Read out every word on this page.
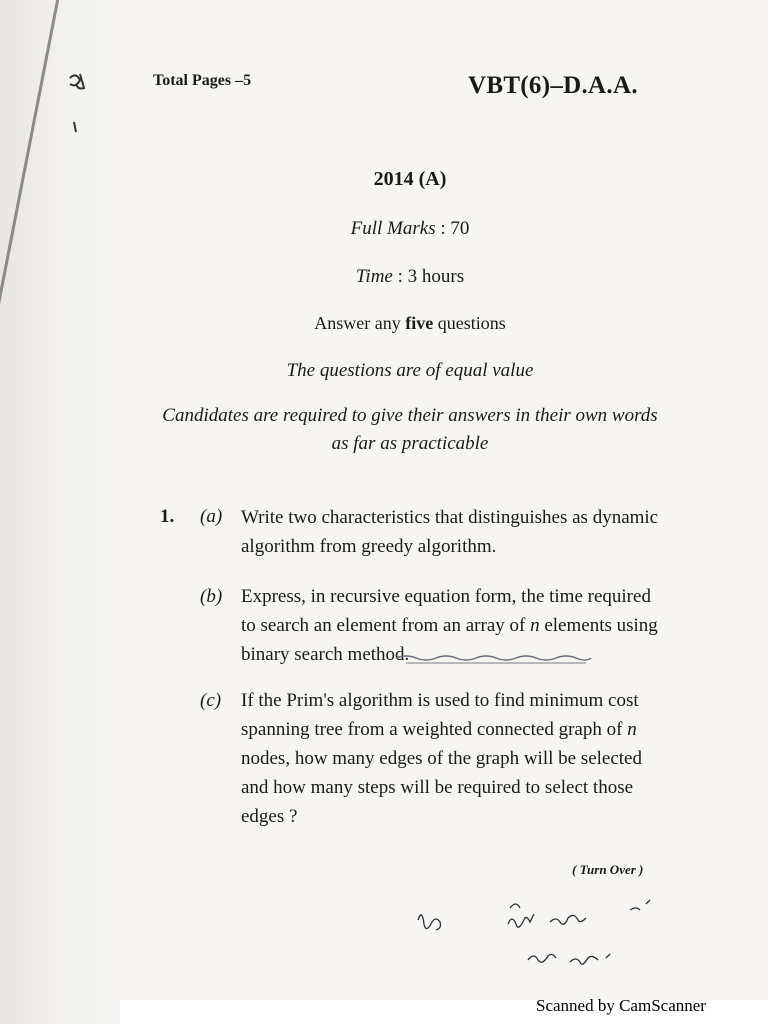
Total Pages –5	VBT(6)–D.A.A.
2014 (A)
Full Marks : 70
Time : 3 hours
Answer any five questions
The questions are of equal value
Candidates are required to give their answers in their own words as far as practicable
1. (a) Write two characteristics that distinguishes as dynamic algorithm from greedy algorithm.
(b) Express, in recursive equation form, the time required to search an element from an array of n elements using binary search method.
(c) If the Prim's algorithm is used to find minimum cost spanning tree from a weighted connected graph of n nodes, how many edges of the graph will be selected and how many steps will be required to select those edges ?
( Turn Over )
Scanned by CamScanner
